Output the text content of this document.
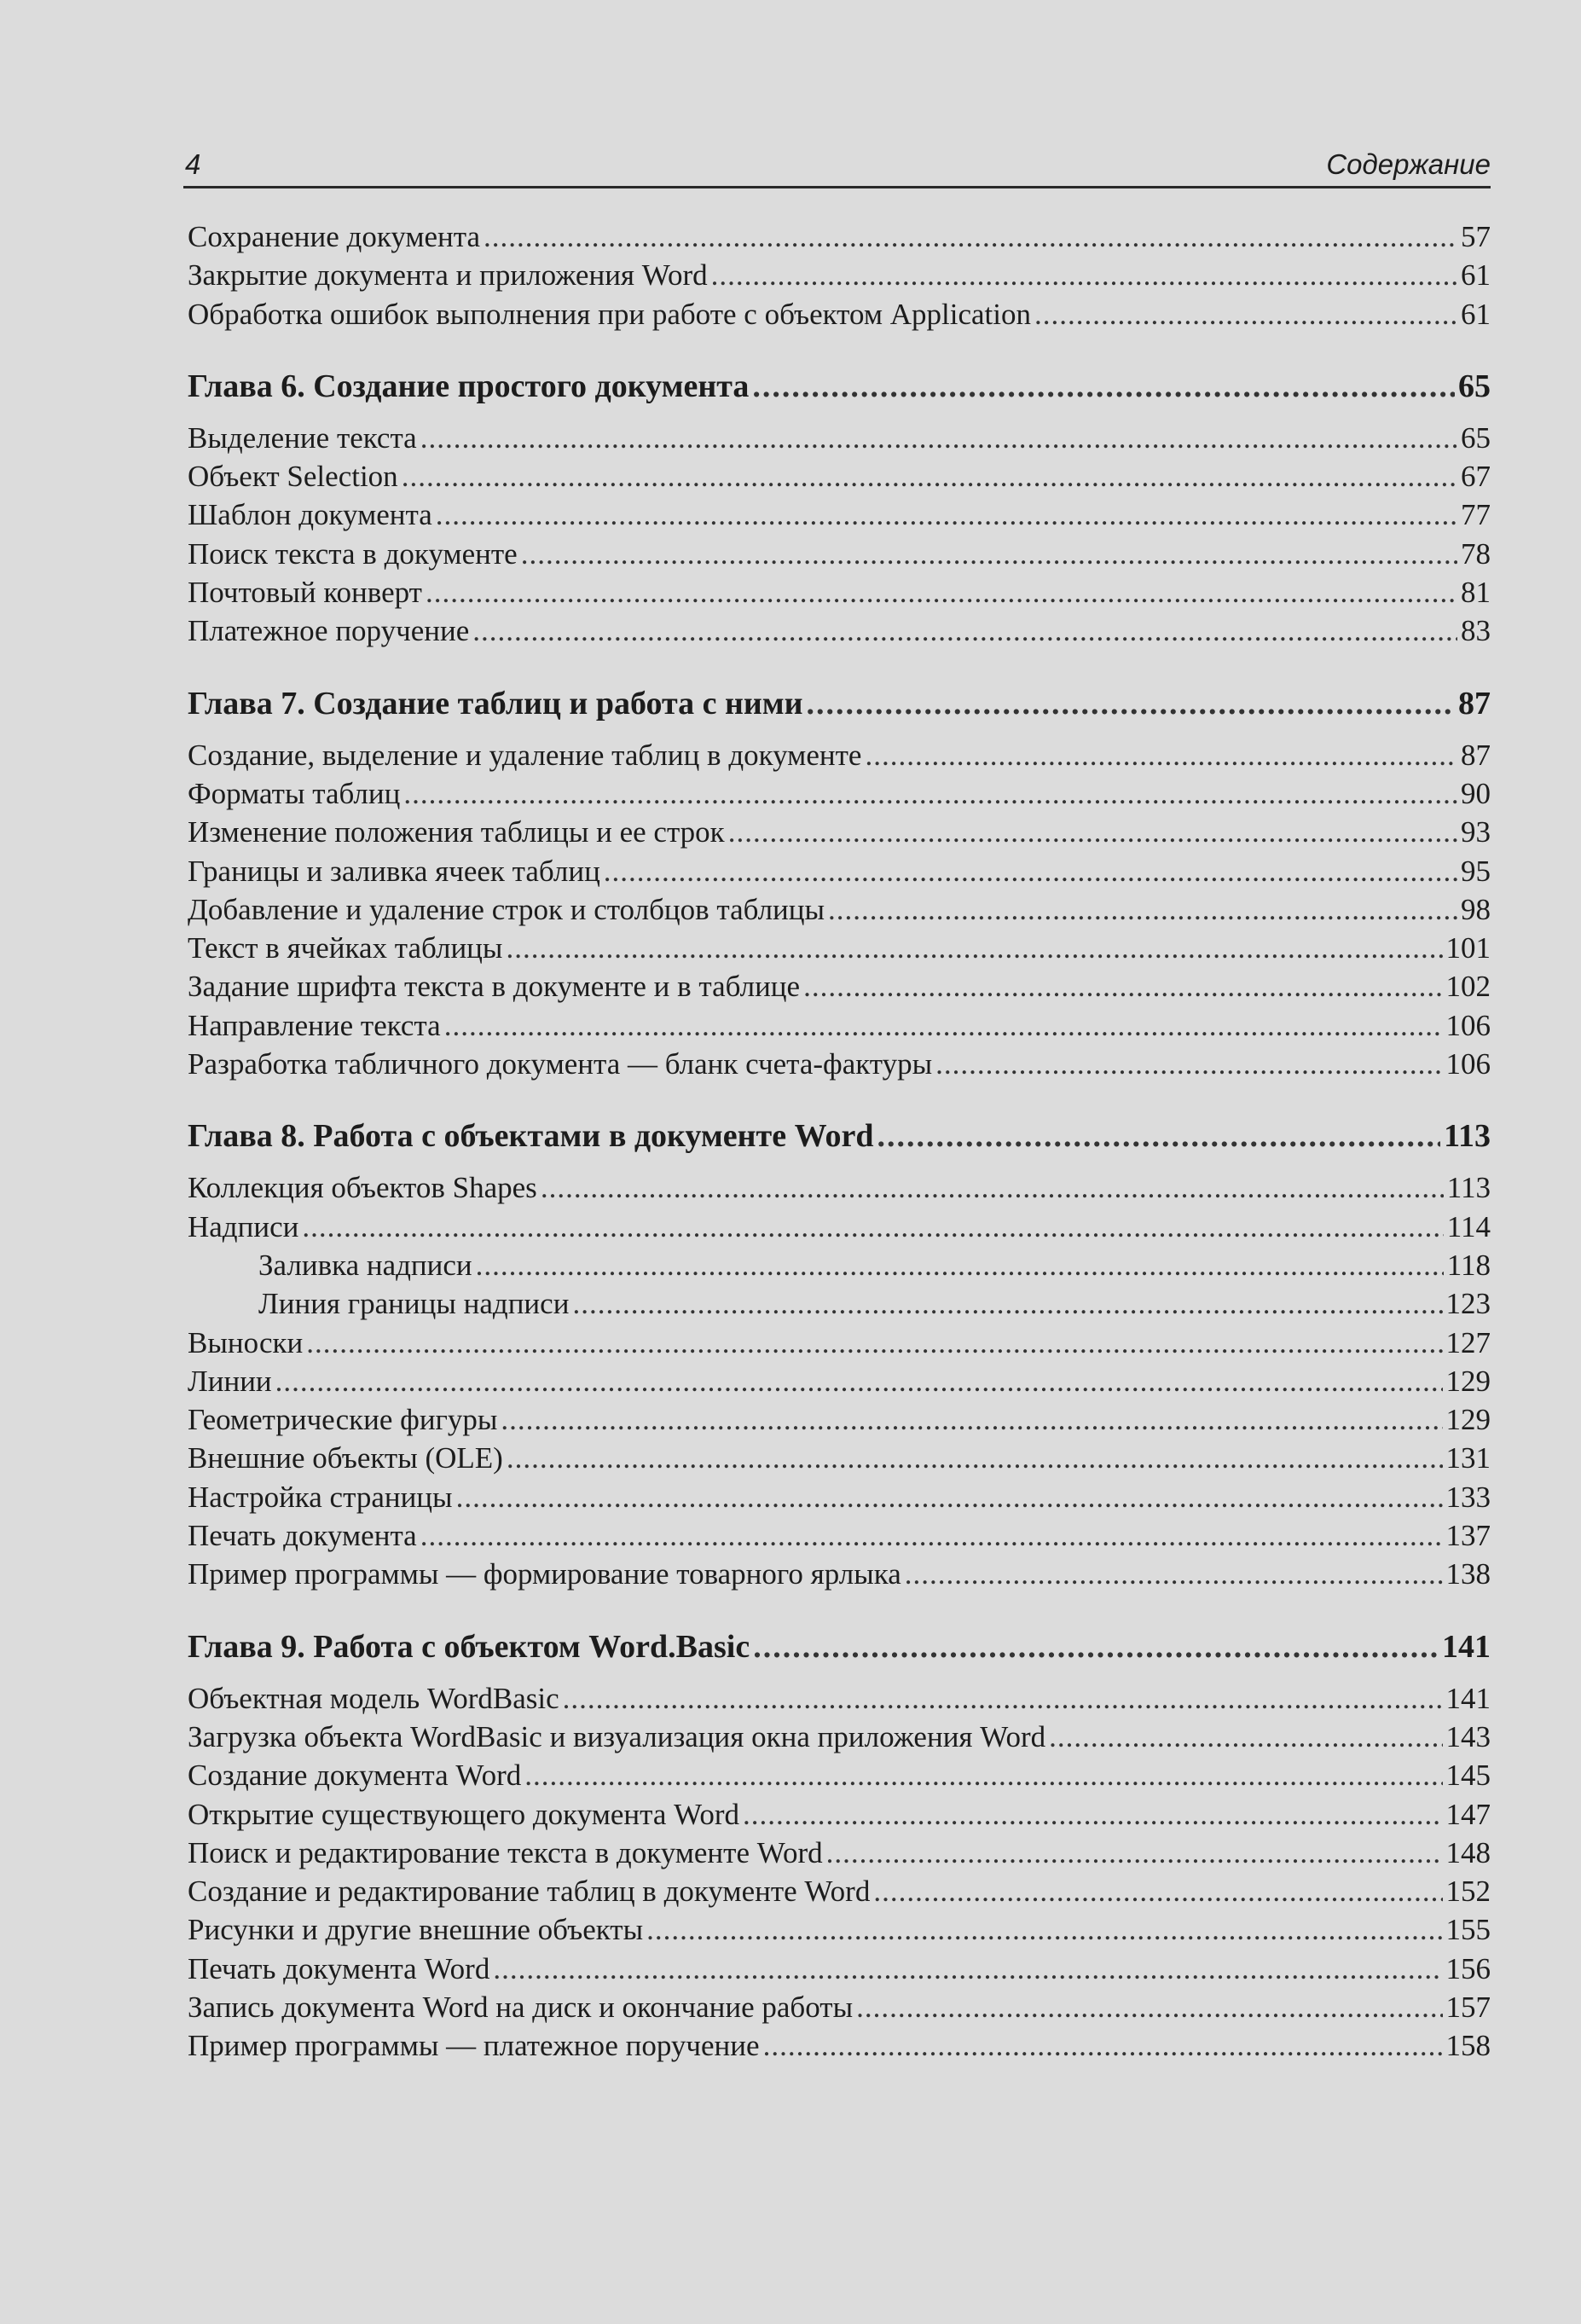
4	Содержание
Сохранение документа .....	57
Закрытие документа и приложения Word .....	61
Обработка ошибок выполнения при работе с объектом Application .....	61
Глава 6. Создание простого документа .....	65
Выделение текста .....	65
Объект Selection .....	67
Шаблон документа .....	77
Поиск текста в документе .....	78
Почтовый конверт .....	81
Платежное поручение .....	83
Глава 7. Создание таблиц и работа с ними .....	87
Создание, выделение и удаление таблиц в документе .....	87
Форматы таблиц .....	90
Изменение положения таблицы и ее строк .....	93
Границы и заливка ячеек таблиц .....	95
Добавление и удаление строк и столбцов таблицы .....	98
Текст в ячейках таблицы .....	101
Задание шрифта текста в документе и в таблице .....	102
Направление текста .....	106
Разработка табличного документа — бланк счета-фактуры .....	106
Глава 8. Работа с объектами в документе Word .....	113
Коллекция объектов Shapes .....	113
Надписи .....	114
Заливка надписи .....	118
Линия границы надписи .....	123
Выноски .....	127
Линии .....	129
Геометрические фигуры .....	129
Внешние объекты (OLE) .....	131
Настройка страницы .....	133
Печать документа .....	137
Пример программы — формирование товарного ярлыка .....	138
Глава 9. Работа с объектом Word.Basic .....	141
Объектная модель WordBasic .....	141
Загрузка объекта WordBasic и визуализация окна приложения Word .....	143
Создание документа Word .....	145
Открытие существующего документа Word .....	147
Поиск и редактирование текста в документе Word .....	148
Создание и редактирование таблиц в документе Word .....	152
Рисунки и другие внешние объекты .....	155
Печать документа Word .....	156
Запись документа Word на диск и окончание работы .....	157
Пример программы — платежное поручение .....	158
